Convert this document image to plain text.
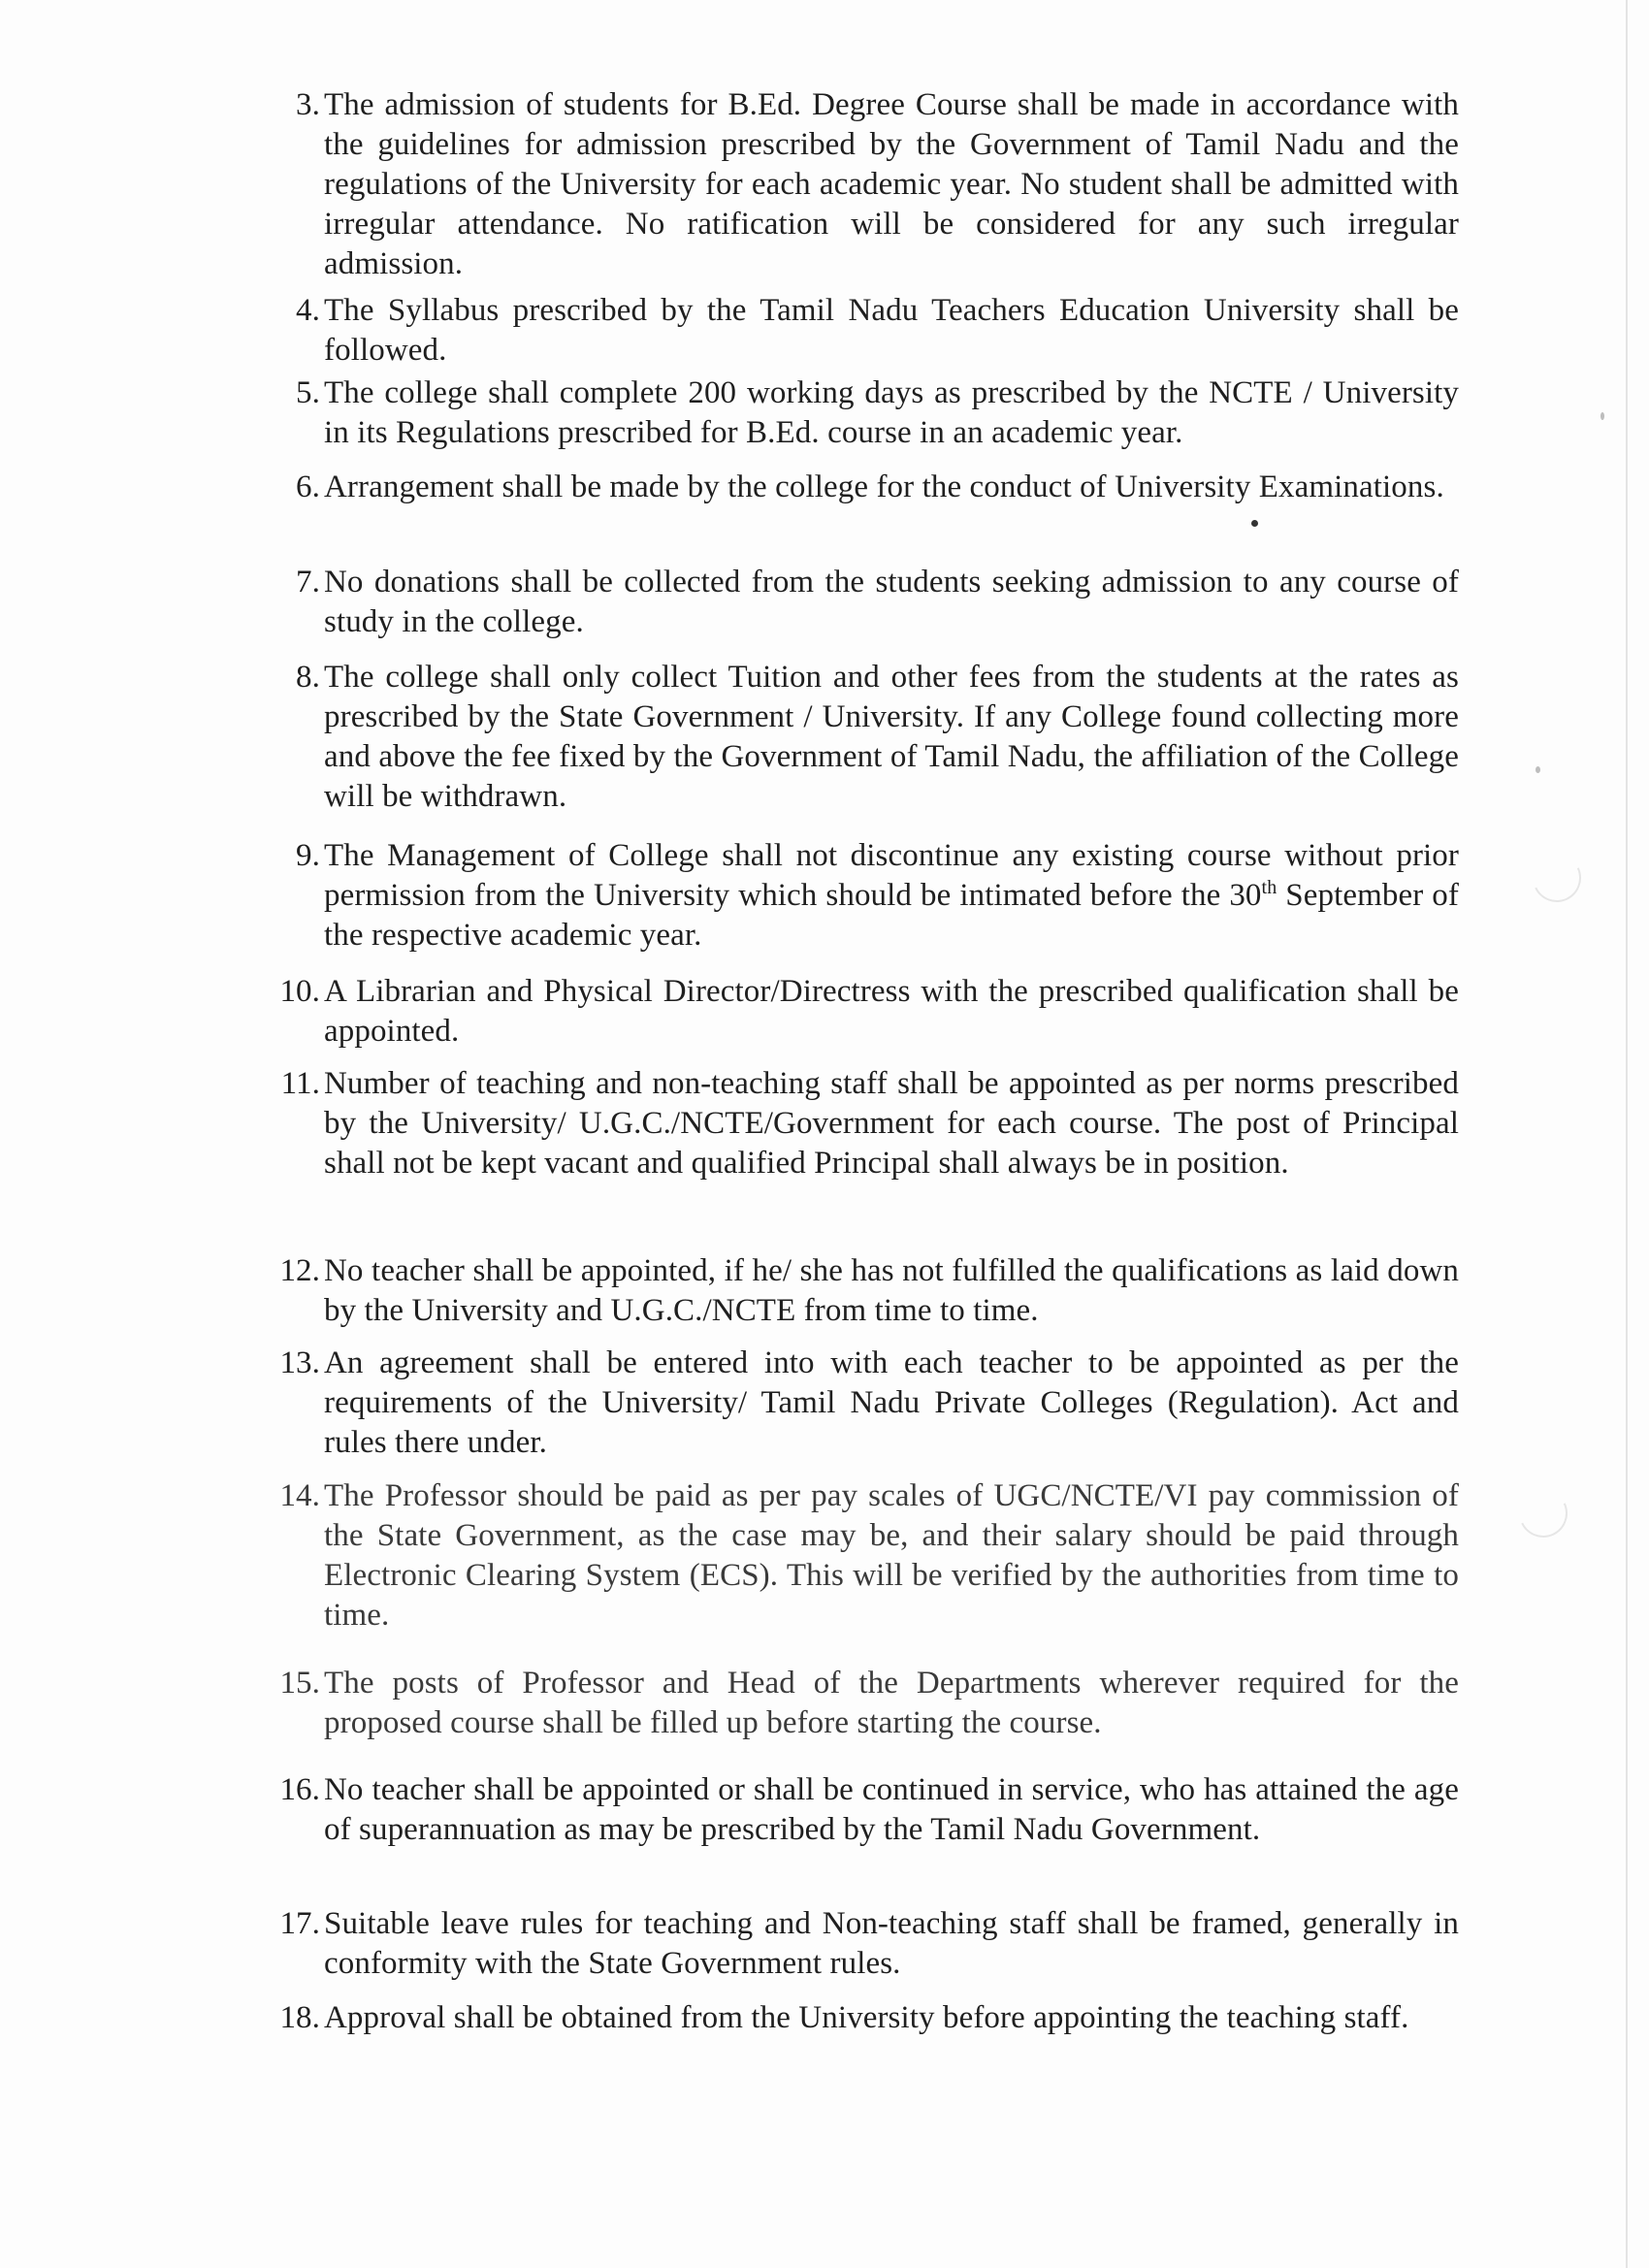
3. The admission of students for B.Ed. Degree Course shall be made in accordance with the guidelines for admission prescribed by the Government of Tamil Nadu and the regulations of the University for each academic year. No student shall be admitted with irregular attendance. No ratification will be considered for any such irregular admission.
4. The Syllabus prescribed by the Tamil Nadu Teachers Education University shall be followed.
5. The college shall complete 200 working days as prescribed by the NCTE / University in its Regulations prescribed for B.Ed. course in an academic year.
6. Arrangement shall be made by the college for the conduct of University Examinations.
7. No donations shall be collected from the students seeking admission to any course of study in the college.
8. The college shall only collect Tuition and other fees from the students at the rates as prescribed by the State Government / University. If any College found collecting more and above the fee fixed by the Government of Tamil Nadu, the affiliation of the College will be withdrawn.
9. The Management of College shall not discontinue any existing course without prior permission from the University which should be intimated before the 30th September of the respective academic year.
10. A Librarian and Physical Director/Directress with the prescribed qualification shall be appointed.
11. Number of teaching and non-teaching staff shall be appointed as per norms prescribed by the University/ U.G.C./NCTE/Government for each course. The post of Principal shall not be kept vacant and qualified Principal shall always be in position.
12. No teacher shall be appointed, if he/ she has not fulfilled the qualifications as laid down by the University and U.G.C./NCTE from time to time.
13. An agreement shall be entered into with each teacher to be appointed as per the requirements of the University/ Tamil Nadu Private Colleges (Regulation). Act and rules there under.
14. The Professor should be paid as per pay scales of UGC/NCTE/VI pay commission of the State Government, as the case may be, and their salary should be paid through Electronic Clearing System (ECS). This will be verified by the authorities from time to time.
15. The posts of Professor and Head of the Departments wherever required for the proposed course shall be filled up before starting the course.
16. No teacher shall be appointed or shall be continued in service, who has attained the age of superannuation as may be prescribed by the Tamil Nadu Government.
17. Suitable leave rules for teaching and Non-teaching staff shall be framed, generally in conformity with the State Government rules.
18. Approval shall be obtained from the University before appointing the teaching staff.
